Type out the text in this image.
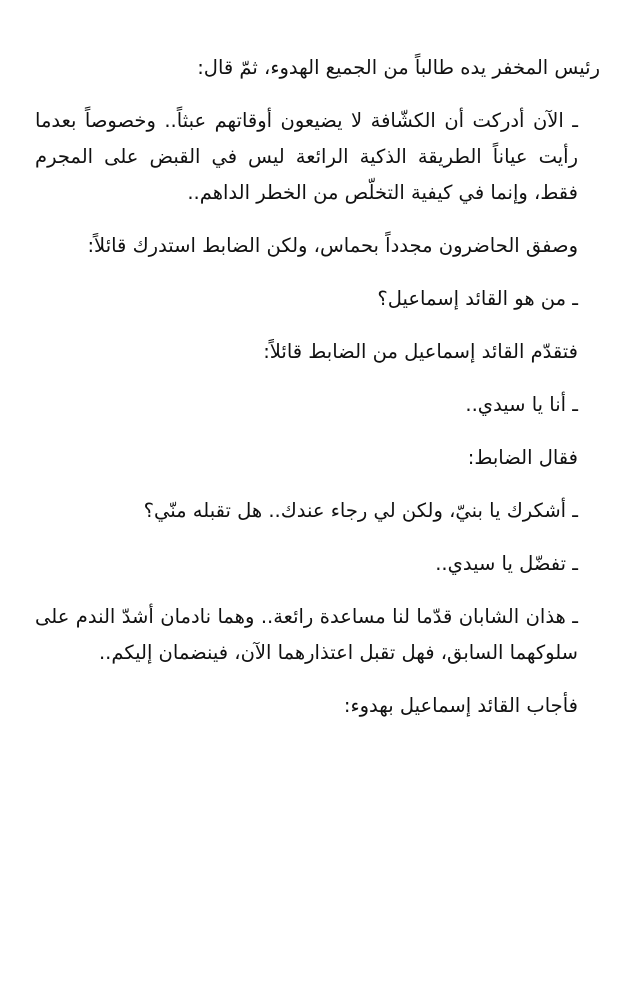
رئيس المخفر يده طالباً من الجميع الهدوء، ثمّ قال:

ـ الآن أدركت أن الكشّافة لا يضيعون أوقاتهم عبثاً.. وخصوصاً بعدما رأيت عياناً الطريقة الذكية الرائعة ليس في القبض على المجرم فقط، وإنما في كيفية التخلّص من الخطر الداهم..

وصفق الحاضرون مجدداً بحماس، ولكن الضابط استدرك قائلاً:

ـ من هو القائد إسماعيل؟

فتقدّم القائد إسماعيل من الضابط قائلاً:

ـ أنا يا سيدي..

فقال الضابط:

ـ أشكرك يا بنيّ، ولكن لي رجاء عندك.. هل تقبله منّي؟

ـ تفضّل يا سيدي..

ـ هذان الشابان قدّما لنا مساعدة رائعة.. وهما نادمان أشدّ الندم على سلوكهما السابق، فهل تقبل اعتذارهما الآن، فينضمان إليكم..

فأجاب القائد إسماعيل بهدوء:
